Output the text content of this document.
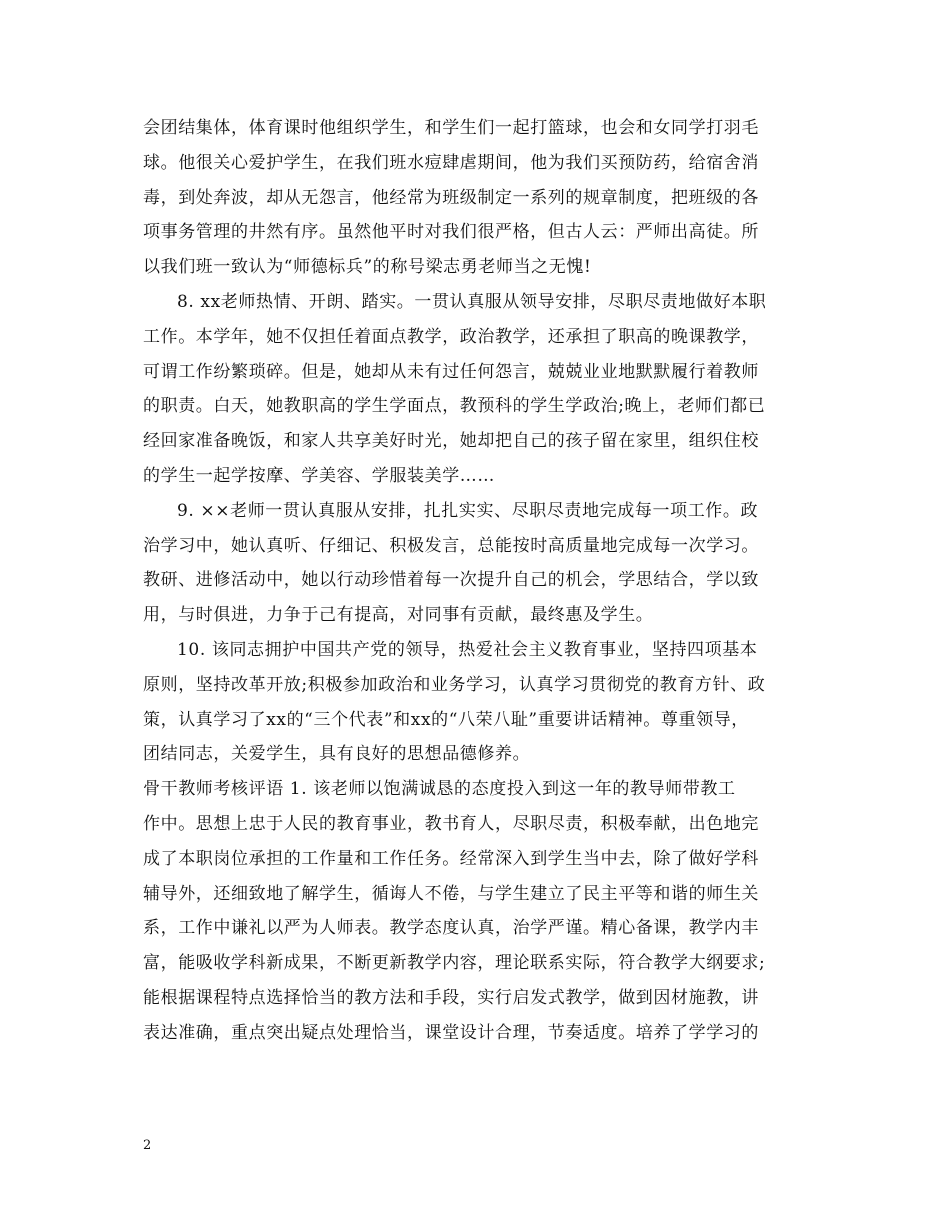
会团结集体，体育课时他组织学生，和学生们一起打篮球，也会和女同学打羽毛
球。他很关心爱护学生，在我们班水痘肆虐期间，他为我们买预防药，给宿舍消
毒，到处奔波，却从无怨言，他经常为班级制定一系列的规章制度，把班级的各
项事务管理的井然有序。虽然他平时对我们很严格，但古人云：严师出高徒。所
以我们班一致认为“师德标兵”的称号梁志勇老师当之无愧!
8. xx老师热情、开朗、踏实。一贯认真服从领导安排，尽职尽责地做好本职
工作。本学年，她不仅担任着面点教学，政治教学，还承担了职高的晚课教学，
可谓工作纷繁琐碎。但是，她却从未有过任何怨言，兢兢业业地默默履行着教师
的职责。白天，她教职高的学生学面点，教预科的学生学政治;晚上，老师们都已
经回家准备晚饭，和家人共享美好时光，她却把自己的孩子留在家里，组织住校
的学生一起学按摩、学美容、学服装美学……
9. ××老师一贯认真服从安排，扎扎实实、尽职尽责地完成每一项工作。政
治学习中，她认真听、仔细记、积极发言，总能按时高质量地完成每一次学习。
教研、进修活动中，她以行动珍惜着每一次提升自己的机会，学思结合，学以致
用，与时俱进，力争于己有提高，对同事有贡献，最终惠及学生。
10. 该同志拥护中国共产党的领导，热爱社会主义教育事业，坚持四项基本
原则，坚持改革开放;积极参加政治和业务学习，认真学习贯彻党的教育方针、政
策，认真学习了xx的“三个代表”和xx的“八荣八耻”重要讲话精神。尊重领导，
团结同志，关爱学生，具有良好的思想品德修养。
骨干教师考核评语 1. 该老师以饱满诚恳的态度投入到这一年的教导师带教工
作中。思想上忠于人民的教育事业，教书育人，尽职尽责，积极奉献，出色地完
成了本职岗位承担的工作量和工作任务。经常深入到学生当中去，除了做好学科
辅导外，还细致地了解学生，循诲人不倦，与学生建立了民主平等和谐的师生关
系，工作中谦礼以严为人师表。教学态度认真，治学严谨。精心备课，教学内丰
富，能吸收学科新成果，不断更新教学内容，理论联系实际，符合教学大纲要求;
能根据课程特点选择恰当的教方法和手段，实行启发式教学，做到因材施教，讲
表达准确，重点突出疑点处理恰当，课堂设计合理，节奏适度。培养了学学习的
2
